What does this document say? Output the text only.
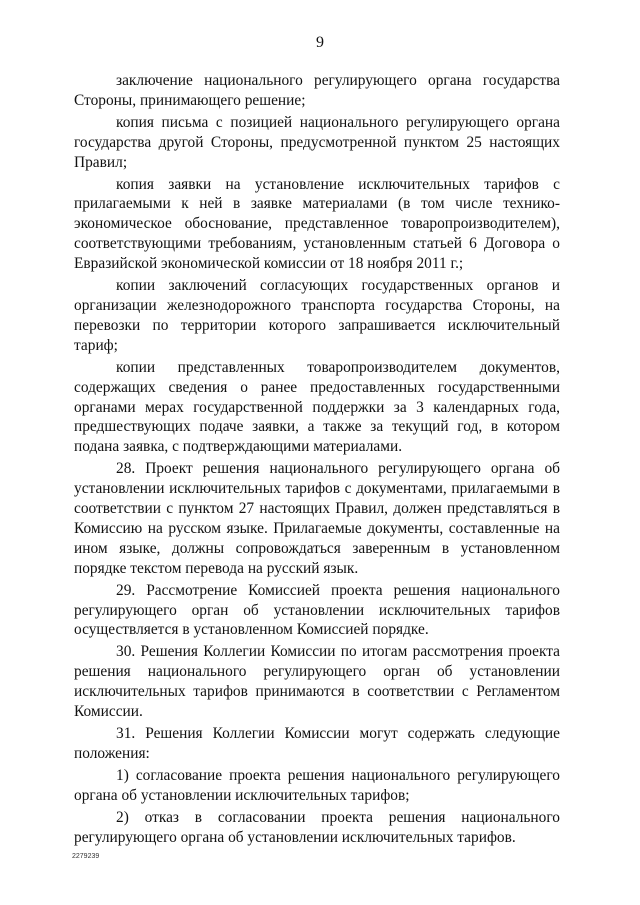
9

заключение национального регулирующего органа государства Стороны, принимающего решение;

копия письма с позицией национального регулирующего органа государства другой Стороны, предусмотренной пунктом 25 настоящих Правил;

копия заявки на установление исключительных тарифов с прилагаемыми к ней в заявке материалами (в том числе технико-экономическое обоснование, представленное товаропроизводителем), соответствующими требованиям, установленным статьей 6 Договора о Евразийской экономической комиссии от 18 ноября 2011 г.;

копии заключений согласующих государственных органов и организации железнодорожного транспорта государства Стороны, на перевозки по территории которого запрашивается исключительный тариф;

копии представленных товаропроизводителем документов, содержащих сведения о ранее предоставленных государственными органами мерах государственной поддержки за 3 календарных года, предшествующих подаче заявки, а также за текущий год, в котором подана заявка, с подтверждающими материалами.

28. Проект решения национального регулирующего органа об установлении исключительных тарифов с документами, прилагаемыми в соответствии с пунктом 27 настоящих Правил, должен представляться в Комиссию на русском языке. Прилагаемые документы, составленные на ином языке, должны сопровождаться заверенным в установленном порядке текстом перевода на русский язык.

29. Рассмотрение Комиссией проекта решения национального регулирующего орган об установлении исключительных тарифов осуществляется в установленном Комиссией порядке.

30. Решения Коллегии Комиссии по итогам рассмотрения проекта решения национального регулирующего орган об установлении исключительных тарифов принимаются в соответствии с Регламентом Комиссии.

31. Решения Коллегии Комиссии могут содержать следующие положения:

1) согласование проекта решения национального регулирующего органа об установлении исключительных тарифов;

2) отказ в согласовании проекта решения национального регулирующего органа об установлении исключительных тарифов.

2279239
